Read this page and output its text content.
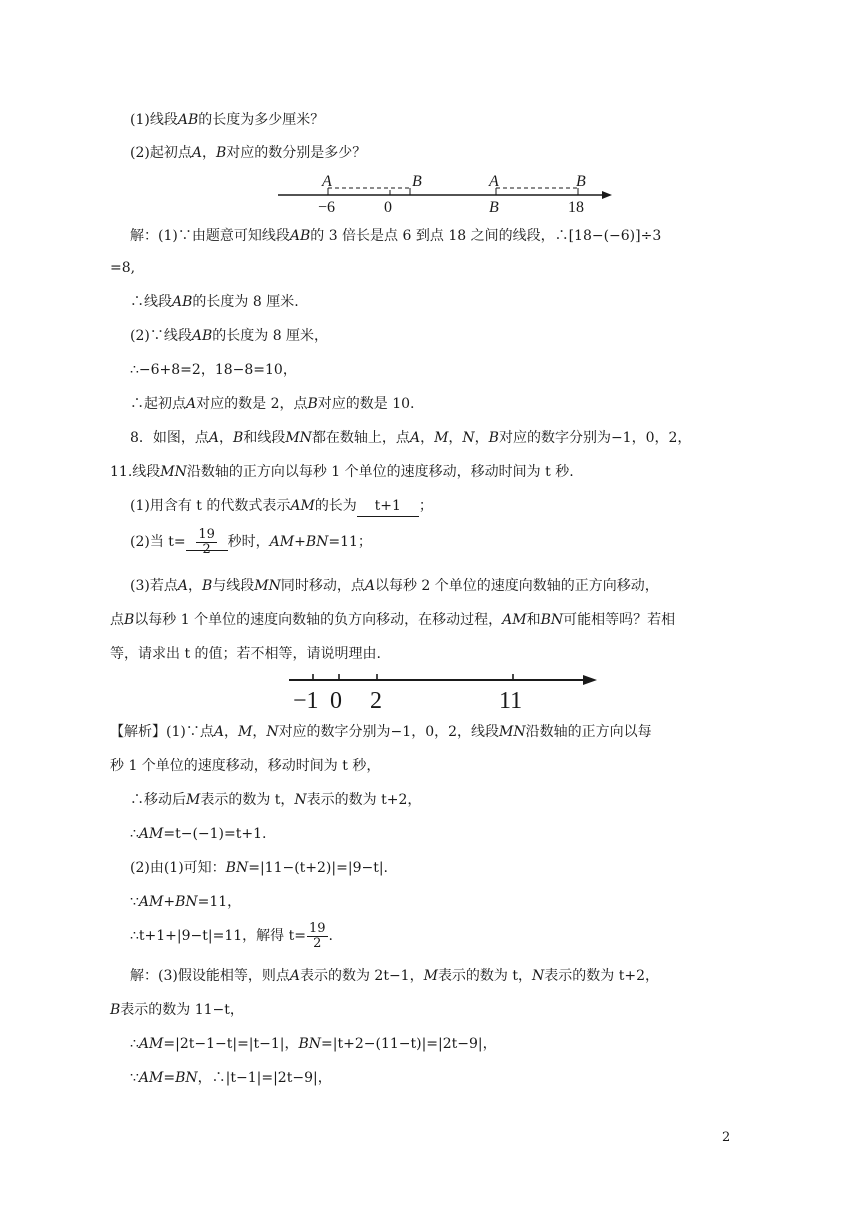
(1)线段AB的长度为多少厘米？
(2)起初点A，B对应的数分别是多少？
A	B
−6	0
A	B
B	18
解：(1)∵由题意可知线段AB的 3 倍长是点 6 到点 18 之间的线段，∴[18−(−6)]÷3
=8,
∴线段AB的长度为 8 厘米.
(2)∵线段AB的长度为 8 厘米，
∴−6+8=2，18−8=10，
∴起初点A对应的数是 2，点B对应的数是 10.
8．如图，点A，B和线段MN都在数轴上，点A，M，N，B对应的数字分别为−1，0，2，
11.线段MN沿数轴的正方向以每秒 1 个单位的速度移动，移动时间为 t 秒.
(1)用含有 t 的代数式表示AM的长为 t+1 ；
(2)当 $t= \frac{19}{2}$ 秒时， AM+BN =11；
(3)若点A，B与线段MN同时移动，点A以每秒 2 个单位的速度向数轴的正方向移动，
点B以每秒 1 个单位的速度向数轴的负方向移动，在移动过程，AM和BN可能相等吗？若相
等，请求出 t 的值；若不相等，请说明理由.
−1 0 2	11
【解析】(1)∵点A，M，N对应的数字分别为−1，0，2，线段MN沿数轴的正方向以每
秒 1 个单位的速度移动，移动时间为 t 秒，
∴移动后M表示的数为 t，N表示的数为 t+2，
∴AM=t−(−1)=t+1.
(2)由(1)可知：BN=|11−(t+2)|=|9−t|.
∵AM+BN=11，
∴t+1+|9−t|=11，解得 $t= \frac{19}{2}$ .
解：(3)假设能相等，则点A表示的数为 2t−1，M表示的数为 t，N表示的数为 t+2，
B表示的数为 11−t，
∴AM=|2t−1−t|=|t−1|，BN=|t+2−(11−t)|=|2t−9|，
∵AM=BN，∴|t−1|=|2t−9|，
2
